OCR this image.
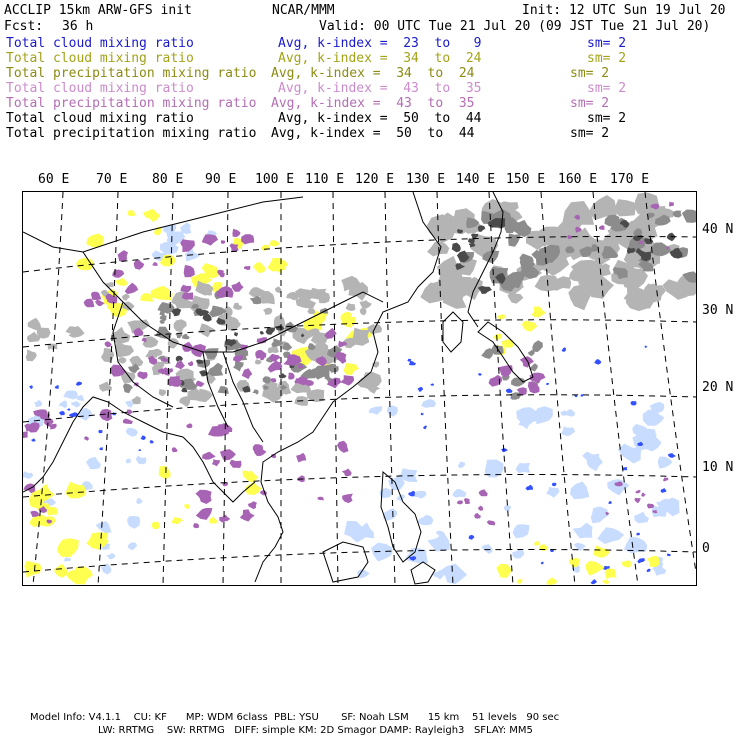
ACCLIP 15km ARW-GFS init	NCAR/MMM	Init: 12 UTC Sun 19 Jul 20
Fcst: 36 h	Valid: 00 UTC Tue 21 Jul 20 (09 JST Tue 21 Jul 20)
Total cloud mixing ratio	Avg, k-index =  23  to   9	sm= 2
Total cloud mixing ratio	Avg, k-index =  34  to  24	sm= 2
Total precipitation mixing ratio Avg, k-index =  34  to  24	sm= 2
Total cloud mixing ratio	Avg, k-index =  43  to  35	sm= 2
Total precipitation mixing ratio Avg, k-index =  43  to  35	sm= 2
Total cloud mixing ratio	Avg, k-index =  50  to  44	sm= 2
Total precipitation mixing ratio Avg, k-index =  50  to  44	sm= 2
60 E 70 E 80 E 90 E 100 E 110 E 120 E 130 E 140 E 150 E 160 E 170 E
40 N
30 N
20 N
10 N
0
Model Info: V4.1.1    CU: KF      MP: WDM 6class  PBL: YSU       SF: Noah LSM      15 km    51 levels   90 sec
LW: RRTMG    SW: RRTMG   DIFF: simple KM: 2D Smagor DAMP: Rayleigh3   SFLAY: MM5
